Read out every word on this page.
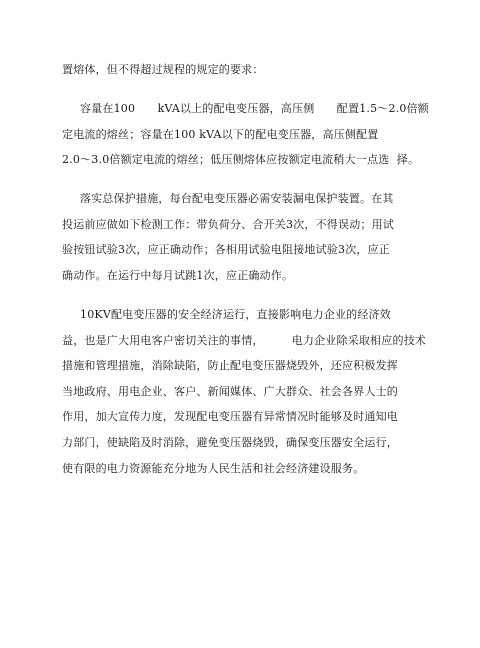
置熔体，但不得超过规程的规定的要求：
容量在100　　kVA以上的配电变压器，高压侧　　配置1.5～2.0倍额
定电流的熔丝；容量在100 kVA以下的配电变压器，高压侧配置
2.0～3.0倍额定电流的熔丝；低压侧熔体应按额定电流稍大一点选  择。
落实总保护措施，每台配电变压器必需安装漏电保护装置。在其
投运前应做如下检测工作：带负荷分、合开关3次，不得误动；用试
验按钮试验3次，应正确动作；各相用试验电阻接地试验3次，应正
确动作。在运行中每月试跳1次，应正确动作。
10KV配电变压器的安全经济运行，直接影响电力企业的经济效
益，也是广大用电客户密切关注的事情，　　　电力企业除采取相应的技术
措施和管理措施，消除缺陷，防止配电变压器烧毁外，还应积极发挥
当地政府、用电企业、客户、新闻媒体、广大群众、社会各界人士的
作用，加大宣传力度，发现配电变压器有异常情况时能够及时通知电
力部门，使缺陷及时消除，避免变压器烧毁，确保变压器安全运行，
使有限的电力资源能充分地为人民生活和社会经济建设服务。
